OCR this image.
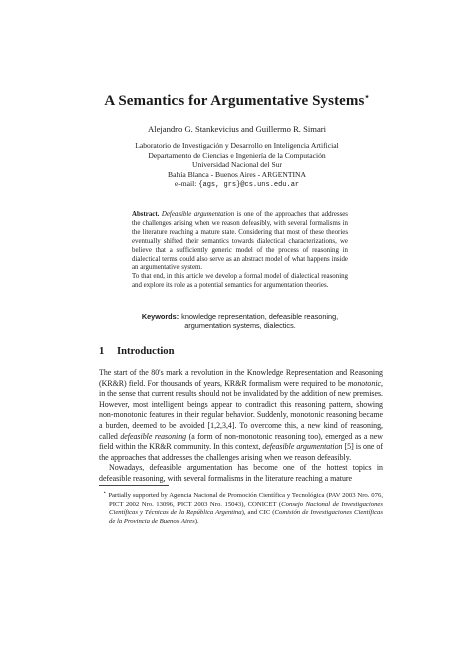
A Semantics for Argumentative Systems⋆
Alejandro G. Stankevicius and Guillermo R. Simari
Laboratorio de Investigación y Desarrollo en Inteligencia Artificial
Departamento de Ciencias e Ingeniería de la Computación
Universidad Nacional del Sur
Bahía Blanca - Buenos Aires - ARGENTINA
e-mail: {ags, grs}@cs.uns.edu.ar

Abstract. Defeasible argumentation is one of the approaches that addresses the challenges arising when we reason defeasibly, with several formalisms in the literature reaching a mature state. Considering that most of these theories eventually shifted their semantics towards dialectical characterizations, we believe that a sufficiently generic model of the process of reasoning in dialectical terms could also serve as an abstract model of what happens inside an argumentative system.

To that end, in this article we develop a formal model of dialectical reasoning and explore its role as a potential semantics for argumentation theories.

Keywords: knowledge representation, defeasible reasoning,
argumentation systems, dialectics.
1 Introduction

The start of the 80's mark a revolution in the Knowledge Representation and Reasoning (KR&R) field. For thousands of years, KR&R formalism were required to be monotonic, in the sense that current results should not be invalidated by the addition of new premises. However, most intelligent beings appear to contradict this reasoning pattern, showing non-monotonic features in their regular behavior. Suddenly, monotonic reasoning became a burden, deemed to be avoided [1,2,3,4]. To overcome this, a new kind of reasoning, called defeasible reasoning (a form of non-monotonic reasoning too), emerged as a new field within the KR&R community. In this context, defeasible argumentation [5] is one of the approaches that addresses the challenges arising when we reason defeasibly.

Nowadays, defeasible argumentation has become one of the hottest topics in defeasible reasoning, with several formalisms in the literature reaching a mature

⋆ Partially supported by Agencia Nacional de Promoción Científica y Tecnológica (PAV 2003 Nro. 076, PICT 2002 Nro. 13096, PICT 2003 Nro. 15043), CONICET (Consejo Nacional de Investigaciones Científicas y Técnicas de la República Argentina), and CIC (Comisión de Investigaciones Científicas de la Provincia de Buenos Aires).
